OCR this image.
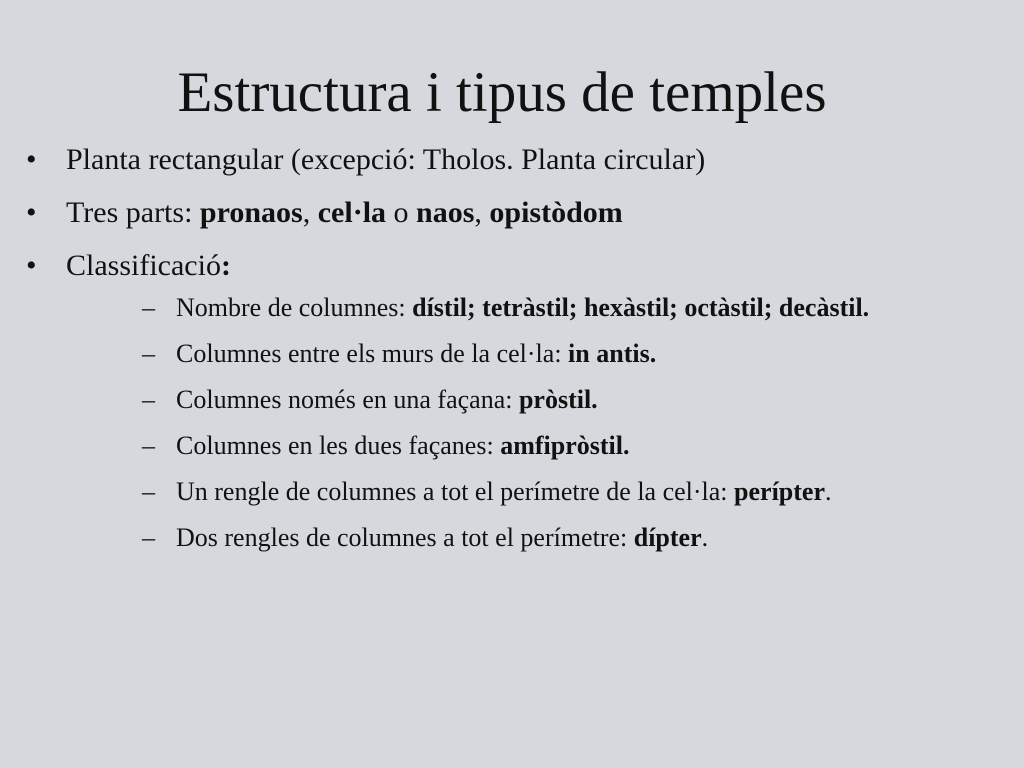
Estructura i tipus de temples
• Planta rectangular (excepció: Tholos. Planta circular)
• Tres parts: pronaos, cel·la o naos, opistòdom
• Classificació:
– Nombre de columnes: dístil; tetràstil; hexàstil; octàstil; decàstil.
– Columnes entre els murs de la cel·la: in antis.
– Columnes només en una façana: pròstil.
– Columnes en les dues façanes: amfipròstil.
– Un rengle de columnes a tot el perímetre de la cel·la: perípter.
– Dos rengles de columnes a tot el perímetre: dípter.
